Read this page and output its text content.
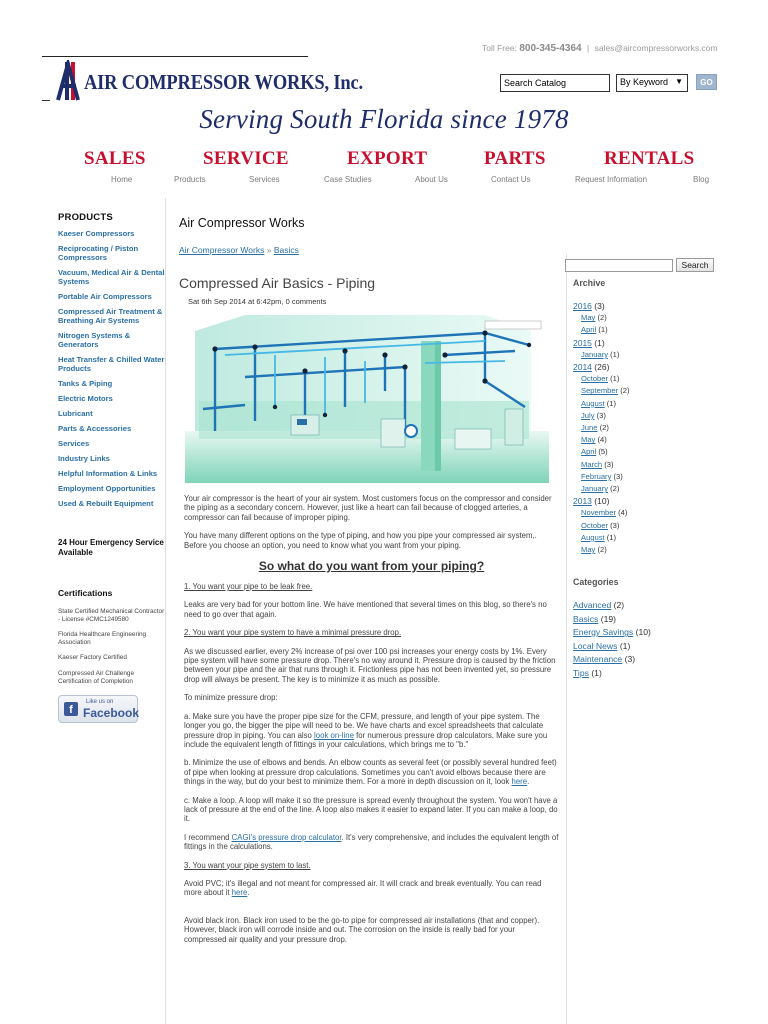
Toll Free: 800-345-4364 | sales@aircompressorworks.com
AIR COMPRESSOR WORKS, Inc.
Search Catalog	By Keyword ▼	GO
Serving South Florida since 1978
SALES	SERVICE	EXPORT	PARTS	RENTALS
Home	Products	Services	Case Studies	About Us	Contact Us	Request Information	Blog
PRODUCTS
Kaeser Compressors
Reciprocating / Piston Compressors
Vacuum, Medical Air & Dental Systems
Portable Air Compressors
Compressed Air Treatment & Breathing Air Systems
Nitrogen Systems & Generators
Heat Transfer & Chilled Water Products
Tanks & Piping
Electric Motors
Lubricant
Parts & Accessories
Services
Industry Links
Helpful Information & Links
Employment Opportunities
Used & Rebuilt Equipment
24 Hour Emergency Service Available
Certifications
State Certified Mechanical Contractor - License #CMC1249580
Florida Healthcare Engineering Association
Kaeser Factory Certified
Compressed Air Challenge Certification of Completion
f
Like us on
Facebook
Air Compressor Works
Air Compressor Works » Basics
Compressed Air Basics - Piping
Sat 6th Sep 2014 at 6:42pm, 0 comments

Your air compressor is the heart of your air system. Most customers focus on the compressor and consider the piping as a secondary concern. However, just like a heart can fail because of clogged arteries, a compressor can fail because of improper piping.

You have many different options on the type of piping, and how you pipe your compressed air system,. Before you choose an option, you need to know what you want from your piping.

So what do you want from your piping?

1. You want your pipe to be leak free.

Leaks are very bad for your bottom line. We have mentioned that several times on this blog, so there's no need to go over that again.

2. You want your pipe system to have a minimal pressure drop.

As we discussed earlier, every 2% increase of psi over 100 psi increases your energy costs by 1%. Every pipe system will have some pressure drop. There's no way around it. Pressure drop is caused by the friction between your pipe and the air that runs through it. Frictionless pipe has not been invented yet, so pressure drop will always be present. The key is to minimize it as much as possible.

To minimize pressure drop:

a. Make sure you have the proper pipe size for the CFM, pressure, and length of your pipe system. The longer you go, the bigger the pipe will need to be. We have charts and excel spreadsheets that calculate pressure drop in piping. You can also look on-line for numerous pressure drop calculators. Make sure you include the equivalent length of fittings in your calculations, which brings me to "b."

b. Minimize the use of elbows and bends. An elbow counts as several feet (or possibly several hundred feet) of pipe when looking at pressure drop calculations. Sometimes you can't avoid elbows because there are things in the way, but do your best to minimize them. For a more in depth discussion on it, look here.

c. Make a loop. A loop will make it so the pressure is spread evenly throughout the system. You won't have a lack of pressure at the end of the line. A loop also makes it easier to expand later. If you can make a loop, do it.

I recommend CAGI's pressure drop calculator. It's very comprehensive, and includes the equivalent length of fittings in the calculations.

3. You want your pipe system to last.

Avoid PVC; it's illegal and not meant for compressed air. It will crack and break eventually. You can read more about it here.

Avoid black iron. Black iron used to be the go-to pipe for compressed air installations (that and copper). However, black iron will corrode inside and out. The corrosion on the inside is really bad for your compressed air quality and your pressure drop.

Search
Archive
2016 (3)
May (2)
April (1)
2015 (1)
January (1)
2014 (26)
October (1)
September (2)
August (1)
July (3)
June (2)
May (4)
April (5)
March (3)
February (3)
January (2)
2013 (10)
November (4)
October (3)
August (1)
May (2)
Categories
Advanced (2)
Basics (19)
Energy Savings (10)
Local News (1)
Maintenance (3)
Tips (1)
